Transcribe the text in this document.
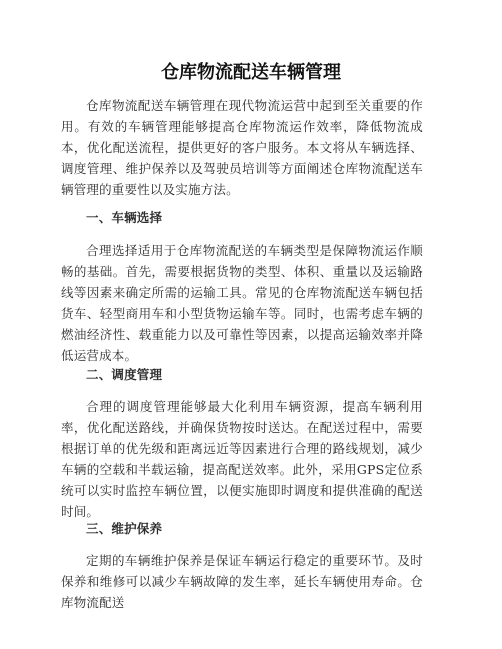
仓库物流配送车辆管理

仓库物流配送车辆管理在现代物流运营中起到至关重要的作用。有效的车辆管理能够提高仓库物流运作效率，降低物流成本，优化配送流程，提供更好的客户服务。本文将从车辆选择、调度管理、维护保养以及驾驶员培训等方面阐述仓库物流配送车辆管理的重要性以及实施方法。

一、车辆选择

合理选择适用于仓库物流配送的车辆类型是保障物流运作顺畅的基础。首先，需要根据货物的类型、体积、重量以及运输路线等因素来确定所需的运输工具。常见的仓库物流配送车辆包括货车、轻型商用车和小型货物运输车等。同时，也需考虑车辆的燃油经济性、载重能力以及可靠性等因素，以提高运输效率并降低运营成本。

二、调度管理

合理的调度管理能够最大化利用车辆资源，提高车辆利用率，优化配送路线，并确保货物按时送达。在配送过程中，需要根据订单的优先级和距离远近等因素进行合理的路线规划，减少车辆的空载和半载运输，提高配送效率。此外，采用GPS定位系统可以实时监控车辆位置，以便实施即时调度和提供准确的配送时间。

三、维护保养

定期的车辆维护保养是保证车辆运行稳定的重要环节。及时保养和维修可以减少车辆故障的发生率，延长车辆使用寿命。仓库物流配送
